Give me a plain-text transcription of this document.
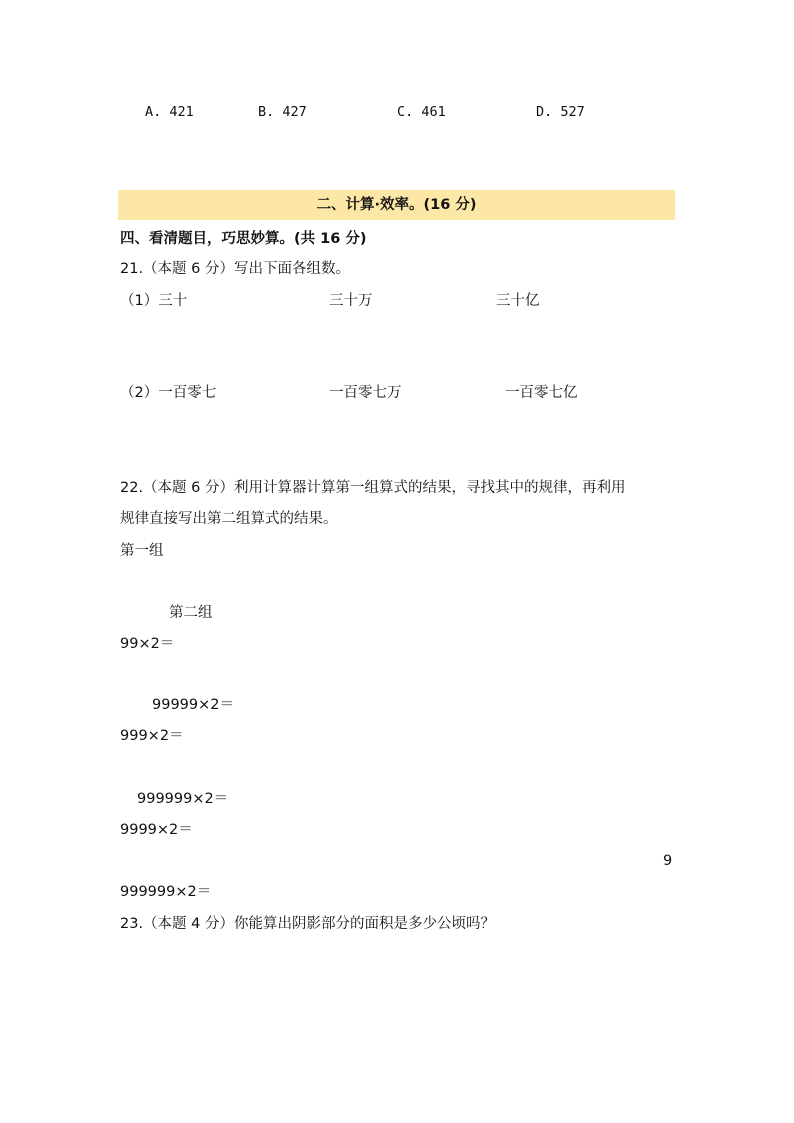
A. 421	B. 427	C. 461	D. 527
二、计算·效率。(16 分)
四、看清题目，巧思妙算。(共 16 分)
21.（本题 6 分）写出下面各组数。
（1）三十	三十万	三十亿
（2）一百零七	一百零七万	一百零七亿
22.（本题 6 分）利用计算器计算第一组算式的结果，寻找其中的规律，再利用
规律直接写出第二组算式的结果。
第一组
第二组
99×2＝
99999×2＝
999×2＝
999999×2＝
9999×2＝
9
999999×2＝
23.（本题 4 分）你能算出阴影部分的面积是多少公顷吗？
